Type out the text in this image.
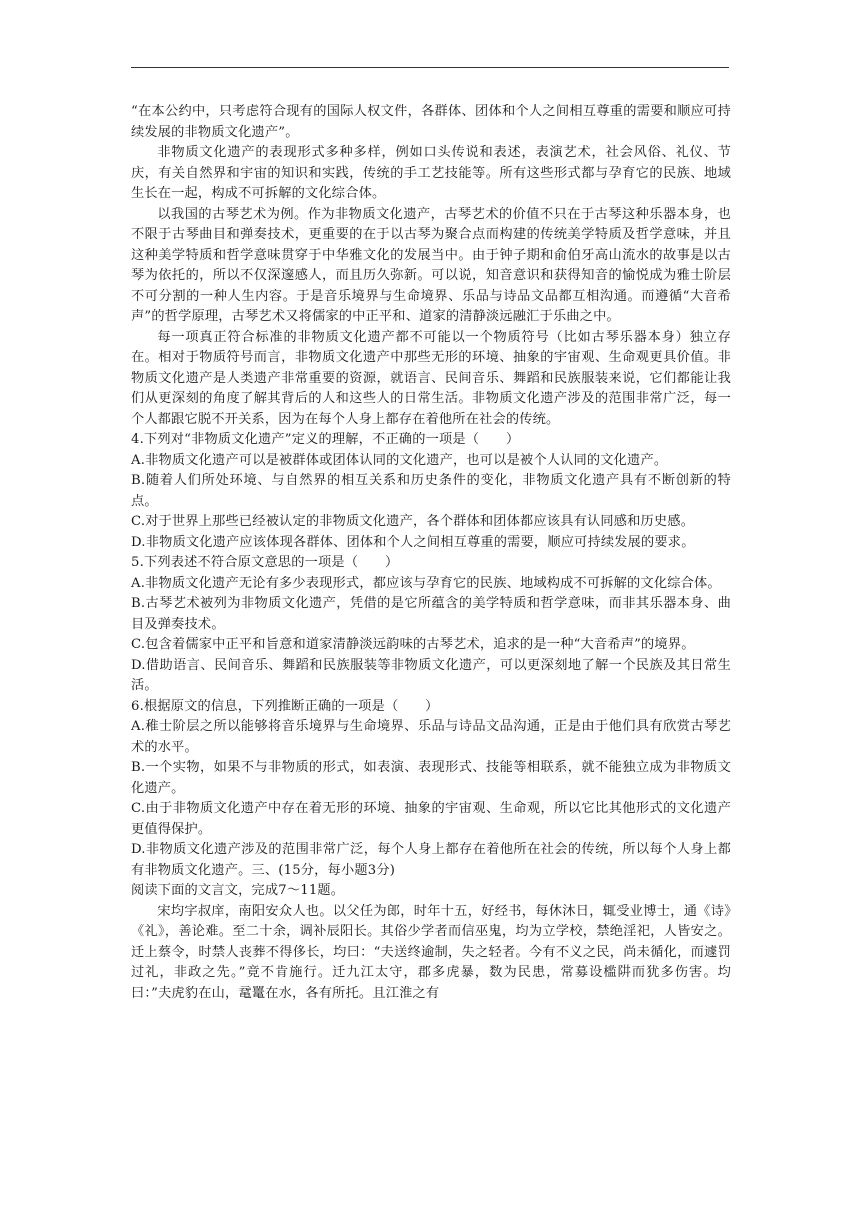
“在本公约中，只考虑符合现有的国际人权文件，各群体、团体和个人之间相互尊重的需要和顺应可持续发展的非物质文化遗产”。

非物质文化遗产的表现形式多种多样，例如口头传说和表述，表演艺术，社会风俗、礼仪、节庆，有关自然界和宇宙的知识和实践，传统的手工艺技能等。所有这些形式都与孕育它的民族、地域生长在一起，构成不可拆解的文化综合体。

以我国的古琴艺术为例。作为非物质文化遗产，古琴艺术的价值不只在于古琴这种乐器本身，也不限于古琴曲目和弹奏技术，更重要的在于以古琴为聚合点而构建的传统美学特质及哲学意味，并且这种美学特质和哲学意味贯穿于中华雅文化的发展当中。由于钟子期和俞伯牙高山流水的故事是以古琴为依托的，所以不仅深邃感人，而且历久弥新。可以说，知音意识和获得知音的愉悦成为雅士阶层不可分割的一种人生内容。于是音乐境界与生命境界、乐品与诗品文品都互相沟通。而遵循“大音希声”的哲学原理，古琴艺术又将儒家的中正平和、道家的清静淡远融汇于乐曲之中。

每一项真正符合标准的非物质文化遗产都不可能以一个物质符号（比如古琴乐器本身）独立存在。相对于物质符号而言，非物质文化遗产中那些无形的环境、抽象的宇宙观、生命观更具价值。非物质文化遗产是人类遗产非常重要的资源，就语言、民间音乐、舞蹈和民族服装来说，它们都能让我们从更深刻的角度了解其背后的人和这些人的日常生活。非物质文化遗产涉及的范围非常广泛，每一个人都跟它脱不开关系，因为在每个人身上都存在着他所在社会的传统。

4.下列对“非物质文化遗产”定义的理解，不正确的一项是（　　）

A.非物质文化遗产可以是被群体或团体认同的文化遗产，也可以是被个人认同的文化遗产。

B.随着人们所处环境、与自然界的相互关系和历史条件的变化，非物质文化遗产具有不断创新的特点。

C.对于世界上那些已经被认定的非物质文化遗产，各个群体和团体都应该具有认同感和历史感。

D.非物质文化遗产应该体现各群体、团体和个人之间相互尊重的需要，顺应可持续发展的要求。

5.下列表述不符合原文意思的一项是（　　）

A.非物质文化遗产无论有多少表现形式，都应该与孕育它的民族、地域构成不可拆解的文化综合体。

B.古琴艺术被列为非物质文化遗产，凭借的是它所蕴含的美学特质和哲学意味，而非其乐器本身、曲目及弹奏技术。

C.包含着儒家中正平和旨意和道家清静淡远韵味的古琴艺术，追求的是一种“大音希声”的境界。

D.借助语言、民间音乐、舞蹈和民族服装等非物质文化遗产，可以更深刻地了解一个民族及其日常生活。

6.根据原文的信息，下列推断正确的一项是（　　）

A.稚士阶层之所以能够将音乐境界与生命境界、乐品与诗品文品沟通，正是由于他们具有欣赏古琴艺术的水平。

B.一个实物，如果不与非物质的形式，如表演、表现形式、技能等相联系，就不能独立成为非物质文化遗产。

C.由于非物质文化遗产中存在着无形的环境、抽象的宇宙观、生命观，所以它比其他形式的文化遗产更值得保护。

D.非物质文化遗产涉及的范围非常广泛，每个人身上都存在着他所在社会的传统，所以每个人身上都有非物质文化遗产。三、(15分，每小题3分)

阅读下面的文言文，完成7～11题。

宋均字叔庠，南阳安众人也。以父任为郎，时年十五，好经书，每休沐日，辄受业博士，通《诗》《礼》，善论难。至二十余，调补辰阳长。其俗少学者而信巫鬼，均为立学校，禁绝淫祀，人皆安之。迁上蔡令，时禁人丧葬不得侈长，均曰：“夫送终逾制，失之轻者。今有不义之民，尚未循化，而遽罚过礼，非政之先。”竟不肯施行。迁九江太守，郡多虎暴，数为民患，常募设槛阱而犹多伤害。均曰：”夫虎豹在山，鼋鼍在水，各有所托。且江淮之有
